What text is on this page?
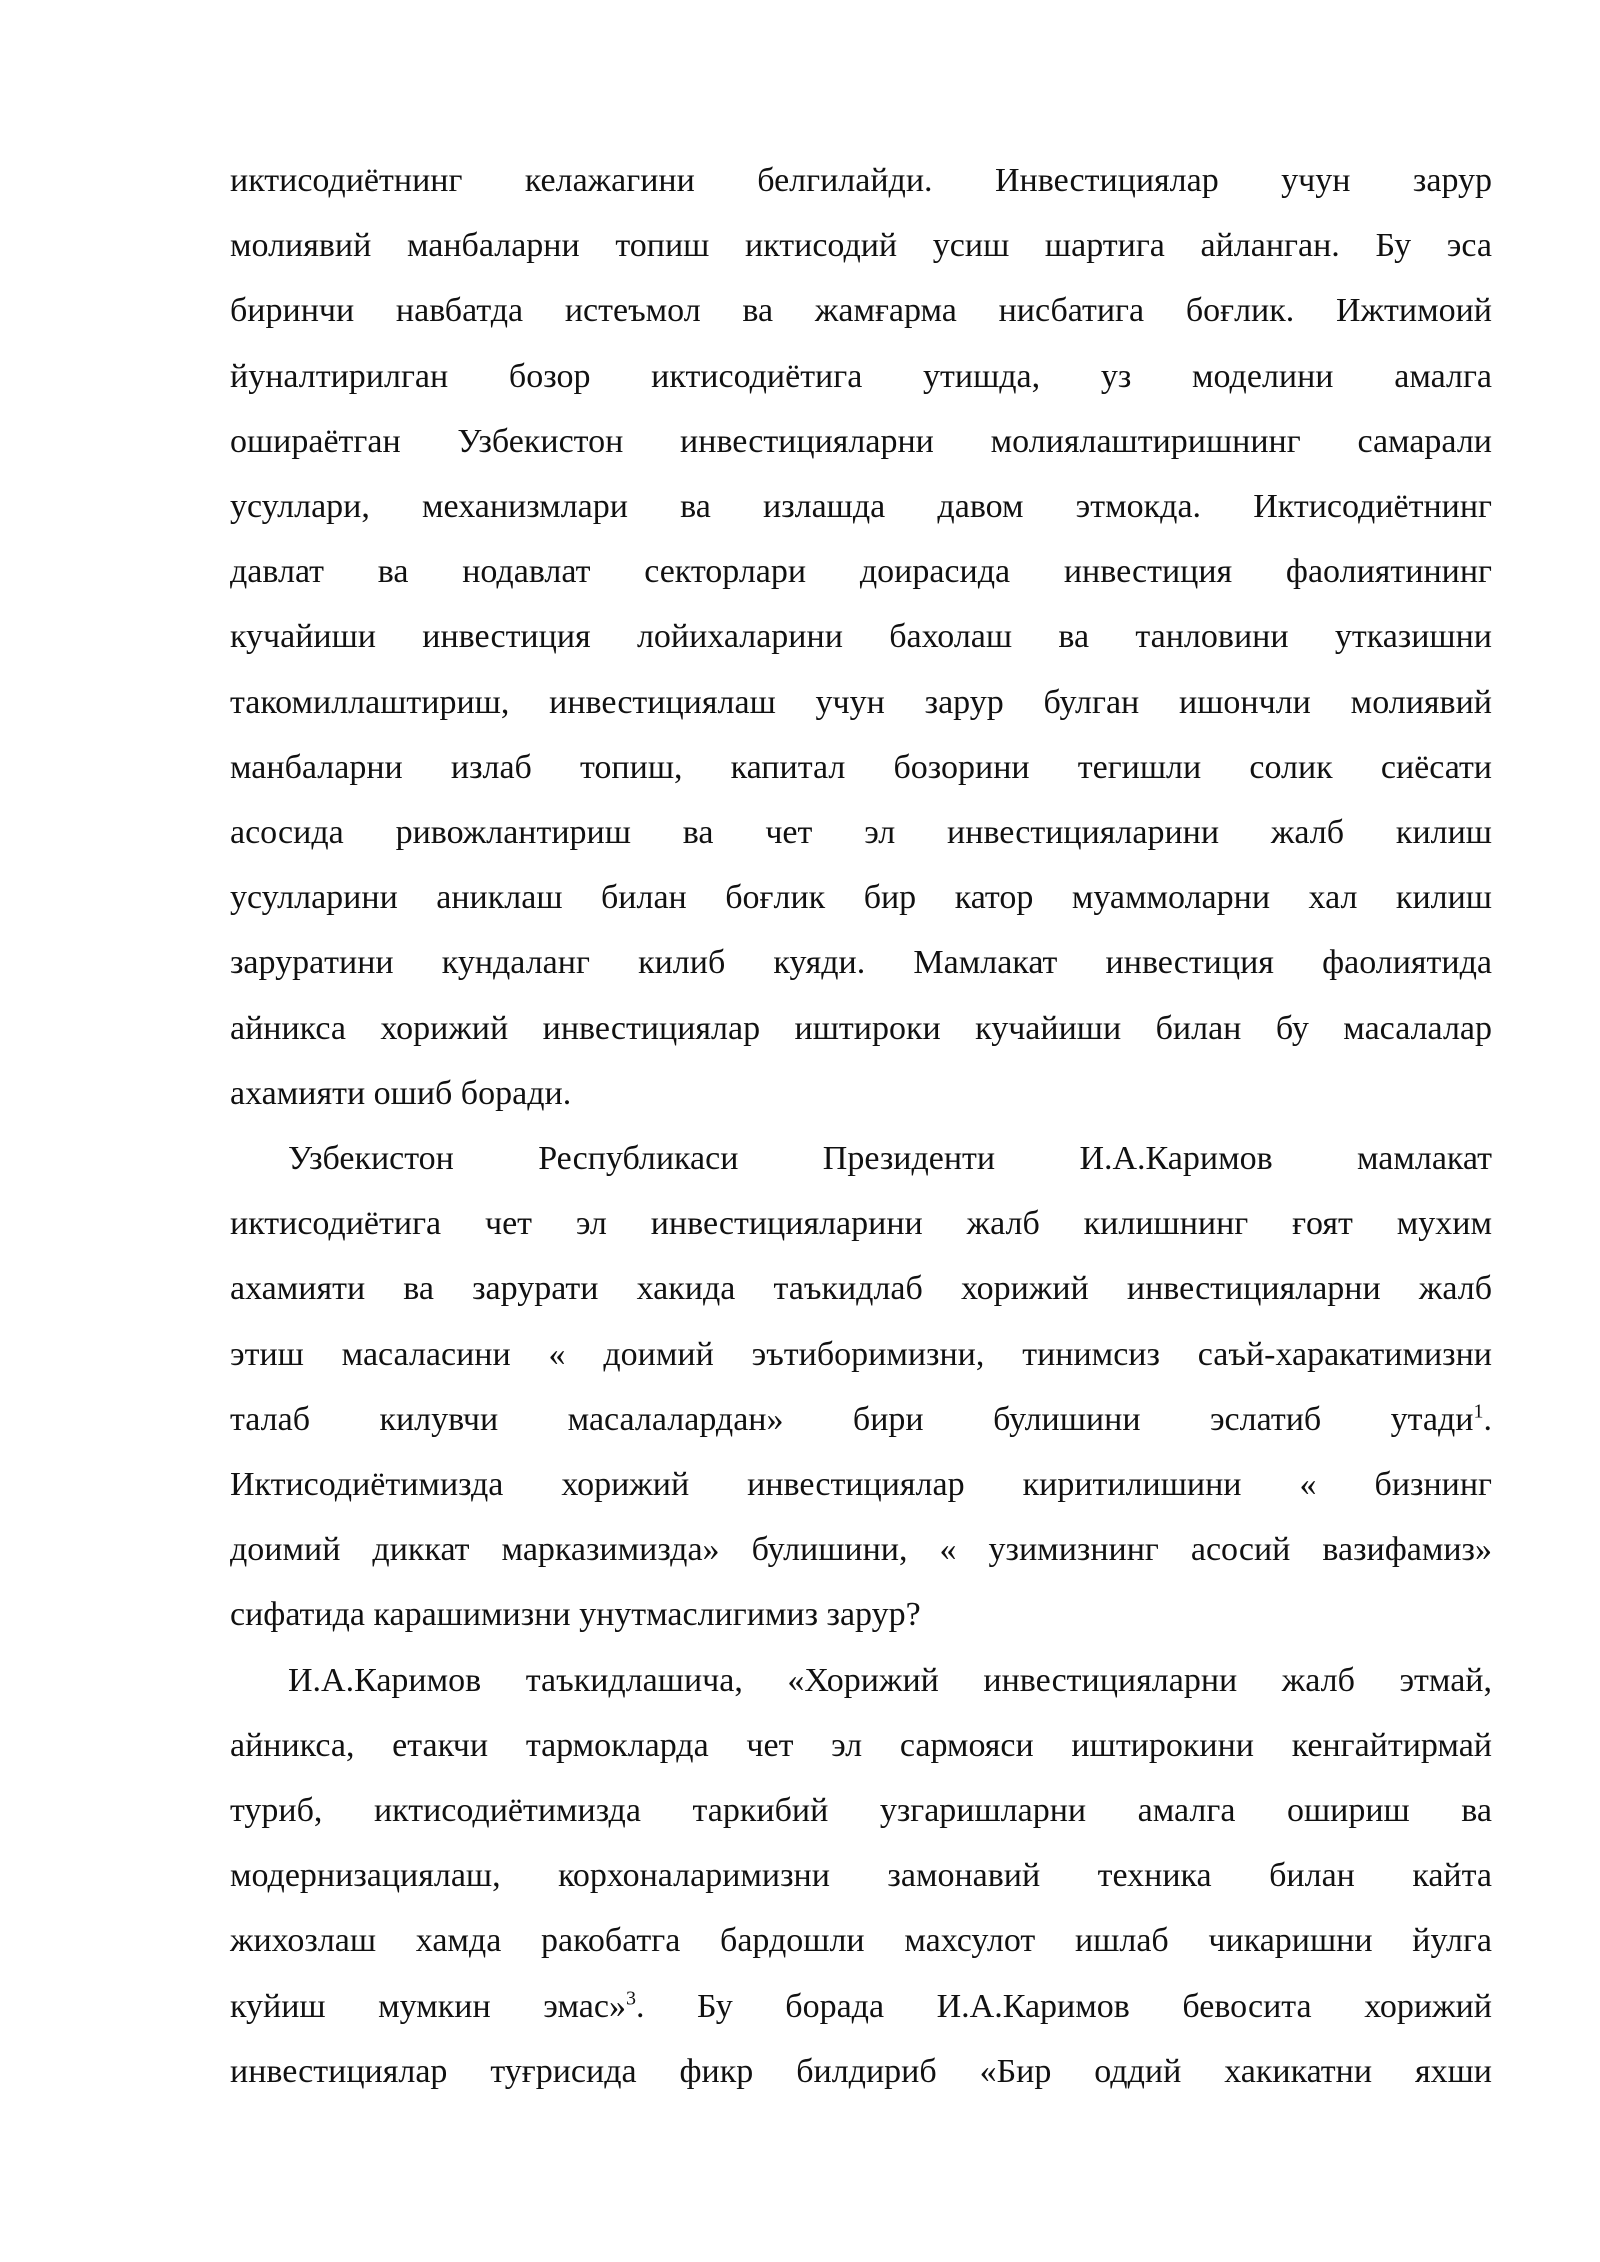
иктисодиётнинг келажагини белгилайди. Инвестициялар учун зарур
молиявий манбаларни топиш иктисодий усиш шартига айланган. Бу эса
биринчи навбатда истеъмол ва жамғарма нисбатига боғлик. Ижтимоий
йуналтирилган бозор иктисодиётига утишда, уз моделини амалга
ошираётган Узбекистон инвестицияларни молиялаштиришнинг самарали
усуллари, механизмлари ва излашда давом этмокда. Иктисодиётнинг
давлат ва нодавлат секторлари доирасида инвестиция фаолиятининг
кучайиши инвестиция лойихаларини бахолаш ва танловини утказишни
такомиллаштириш, инвестициялаш учун зарур булган ишончли молиявий
манбаларни излаб топиш, капитал бозорини тегишли солик сиёсати
асосида ривожлантириш ва чет эл инвестицияларини жалб килиш
усулларини аниклаш билан боғлик бир катор муаммоларни хал килиш
зарурaтини кундаланг килиб куяди. Мамлакат инвестиция фаолиятида
айникса хорижий инвестициялар иштироки кучайиши билан бу масалалар
ахамияти ошиб боради.
Узбекистон Республикаси Президенти И.А.Каримов мамлакат
иктисодиётига чет эл инвестицияларини жалб килишнинг ғоят мухим
ахамияти ва зарурати хакида таъкидлаб хорижий инвестицияларни жалб
этиш масаласини « доимий эътиборимизни, тинимсиз саъй-харакатимизни
талаб килувчи масалалардан» бири булишини эслатиб утади$^1$.
Иктисодиётимизда хорижий инвестициялар киритилишини « бизнинг
доимий диккат марказимизда» булишини, « узимизнинг асосий вазифамиз»
сифатида карашимизни унутмаслигимиз зарур?
И.А.Каримов таъкидлашича, «Хорижий инвестицияларни жалб этмай,
айникса, етакчи тармокларда чет эл сармояси иштирокини кенгайтирмай
туриб, иктисодиётимизда таркибий узгаришларни амалга ошириш ва
модернизациялаш, корхоналаримизни замонавий техника билан кайта
жихозлаш хамда ракобатга бардошли махсулот ишлаб чикаришни йулга
куйиш мумкин эмас»$^3$. Бу борада И.А.Каримов бевосита хорижий
инвестициялар туғрисида фикр билдириб «Бир оддий хакикатни яхши
